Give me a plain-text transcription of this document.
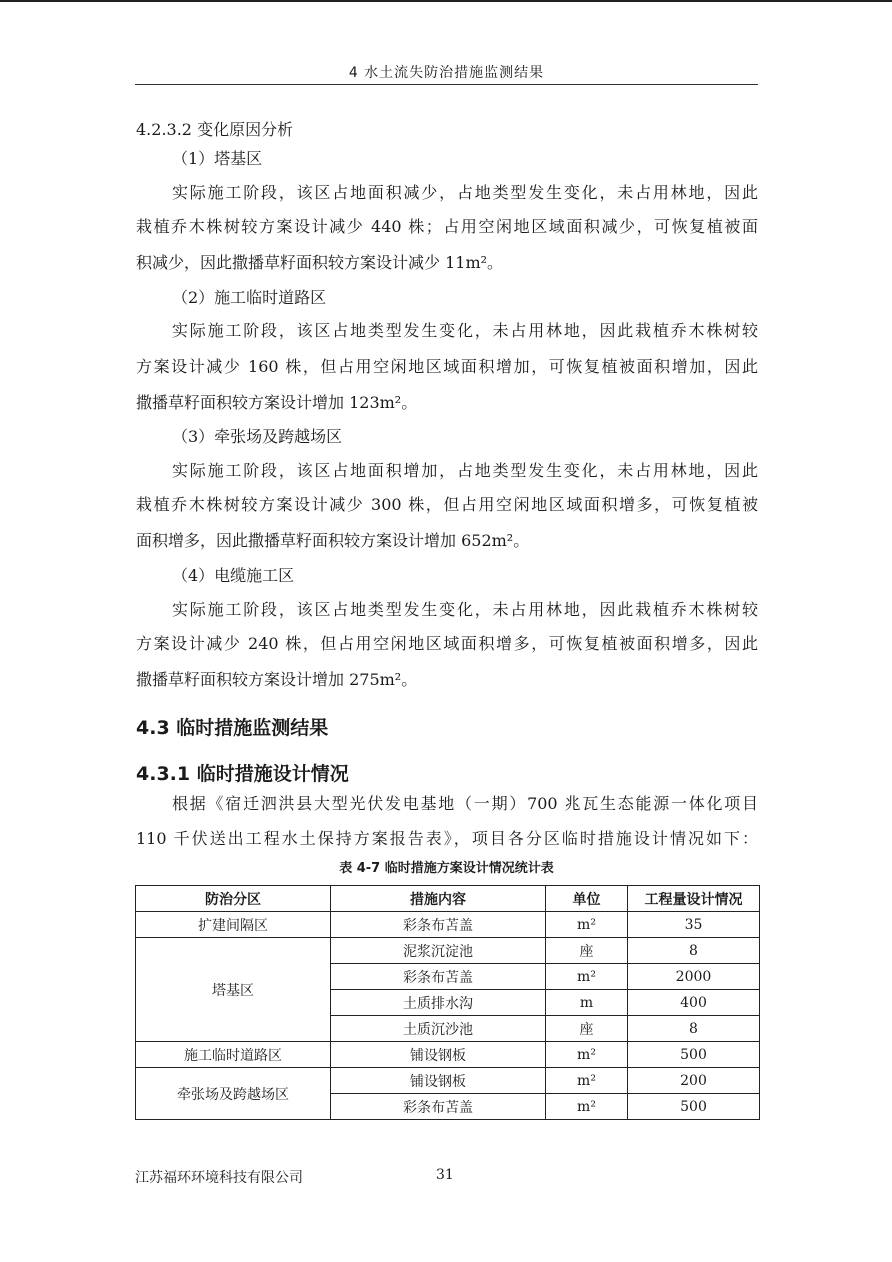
4 水土流失防治措施监测结果
4.2.3.2 变化原因分析
（1）塔基区
实际施工阶段，该区占地面积减少，占地类型发生变化，未占用林地，因此
栽植乔木株树较方案设计减少 440 株；占用空闲地区域面积减少，可恢复植被面
积减少，因此撒播草籽面积较方案设计减少 11m²。
（2）施工临时道路区
实际施工阶段，该区占地类型发生变化，未占用林地，因此栽植乔木株树较
方案设计减少 160 株，但占用空闲地区域面积增加，可恢复植被面积增加，因此
撒播草籽面积较方案设计增加 123m²。
（3）牵张场及跨越场区
实际施工阶段，该区占地面积增加，占地类型发生变化，未占用林地，因此
栽植乔木株树较方案设计减少 300 株，但占用空闲地区域面积增多，可恢复植被
面积增多，因此撒播草籽面积较方案设计增加 652m²。
（4）电缆施工区
实际施工阶段，该区占地类型发生变化，未占用林地，因此栽植乔木株树较
方案设计减少 240 株，但占用空闲地区域面积增多，可恢复植被面积增多，因此
撒播草籽面积较方案设计增加 275m²。
4.3 临时措施监测结果
4.3.1 临时措施设计情况
根据《宿迁泗洪县大型光伏发电基地（一期）700 兆瓦生态能源一体化项目
110 千伏送出工程水土保持方案报告表》，项目各分区临时措施设计情况如下：
表 4-7 临时措施方案设计情况统计表
防治分区	措施内容	单位	工程量设计情况
扩建间隔区	彩条布苫盖	m²	35
塔基区	泥浆沉淀池	座	8
	彩条布苫盖	m²	2000
	土质排水沟	m	400
	土质沉沙池	座	8
施工临时道路区	铺设钢板	m²	500
牵张场及跨越场区	铺设钢板	m²	200
	彩条布苫盖	m²	500
江苏福环环境科技有限公司	31
